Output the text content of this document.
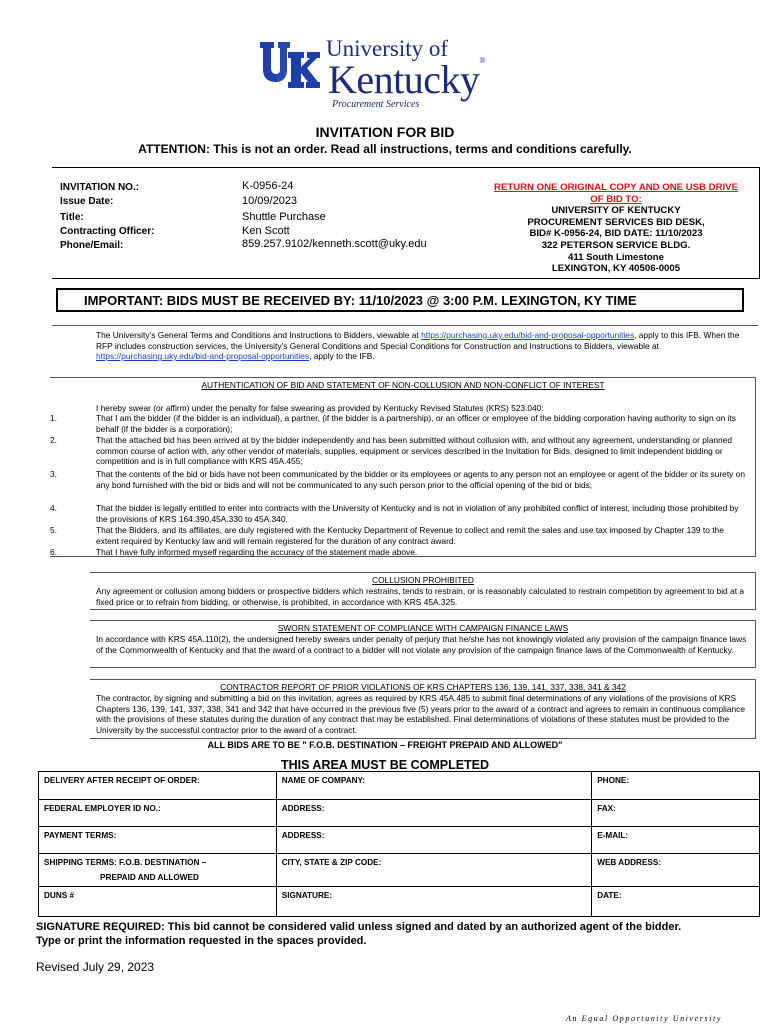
University of
Kentucky®
Procurement Services
INVITATION FOR BID
ATTENTION: This is not an order. Read all instructions, terms and conditions carefully.
INVITATION NO.:	K-0956-24
Issue Date:	10/09/2023
Title:	Shuttle Purchase
Contracting Officer:	Ken Scott
Phone/Email:	859.257.9102/kenneth.scott@uky.edu
RETURN ONE ORIGINAL COPY AND ONE USB DRIVE
OF BID TO:
UNIVERSITY OF KENTUCKY
PROCUREMENT SERVICES BID DESK,
BID# K-0956-24, BID DATE: 11/10/2023
322 PETERSON SERVICE BLDG.
411 South Limestone
LEXINGTON, KY 40506-0005
IMPORTANT: BIDS MUST BE RECEIVED BY: 11/10/2023 @ 3:00 P.M. LEXINGTON, KY TIME
The University’s General Terms and Conditions and Instructions to Bidders, viewable at https://purchasing.uky.edu/bid-and-proposal-opportunities, apply to this IFB. When the RFP includes construction services, the University’s General Conditions and Special Conditions for Construction and Instructions to Bidders, viewable at https://purchasing.uky.edu/bid-and-proposal-opportunities, apply to the IFB.
AUTHENTICATION OF BID AND STATEMENT OF NON-COLLUSION AND NON-CONFLICT OF INTEREST
I hereby swear (or affirm) under the penalty for false swearing as provided by Kentucky Revised Statutes (KRS) 523.040:
1.	That I am the bidder (if the bidder is an individual), a partner, (if the bidder is a partnership), or an officer or employee of the bidding corporation having authority to sign on its behalf (if the bidder is a corporation);
2.	That the attached bid has been arrived at by the bidder independently and has been submitted without collusion with, and without any agreement, understanding or planned common course of action with, any other vendor of materials, supplies, equipment or services described in the Invitation for Bids, designed to limit independent bidding or competition and is in full compliance with KRS 45A.455;
3.	That the contents of the bid or bids have not been communicated by the bidder or its employees or agents to any person not an employee or agent of the bidder or its surety on any bond furnished with the bid or bids and will not be communicated to any such person prior to the official opening of the bid or bids;
4.	That the bidder is legally entitled to enter into contracts with the University of Kentucky and is not in violation of any prohibited conflict of interest, including those prohibited by the provisions of KRS 164.390,45A.330 to 45A.340.
5.	That the Bidders, and its affiliates, are duly registered with the Kentucky Department of Revenue to collect and remit the sales and use tax imposed by Chapter 139 to the extent required by Kentucky law and will remain registered for the duration of any contract award.
6.	That I have fully informed myself regarding the accuracy of the statement made above.
COLLUSION PROHIBITED
Any agreement or collusion among bidders or prospective bidders which restrains, tends to restrain, or is reasonably calculated to restrain competition by agreement to bid at a fixed price or to refrain from bidding, or otherwise, is prohibited, in accordance with KRS 45A.325.
SWORN STATEMENT OF COMPLIANCE WITH CAMPAIGN FINANCE LAWS
In accordance with KRS 45A.110(2), the undersigned hereby swears under penalty of perjury that he/she has not knowingly violated any provision of the campaign finance laws of the Commonwealth of Kentucky and that the award of a contract to a bidder will not violate any provision of the campaign finance laws of the Commonwealth of Kentucky.
CONTRACTOR REPORT OF PRIOR VIOLATIONS OF KRS CHAPTERS 136, 139, 141, 337, 338, 341 & 342
The contractor, by signing and submitting a bid on this invitation, agrees as required by KRS 45A.485 to submit final determinations of any violations of the provisions of KRS Chapters 136, 139, 141, 337, 338, 341 and 342 that have occurred in the previous five (5) years prior to the award of a contract and agrees to remain in continuous compliance with the provisions of these statutes during the duration of any contract that may be established. Final determinations of violations of these statutes must be provided to the University by the successful contractor prior to the award of a contract.
ALL BIDS ARE TO BE " F.O.B. DESTINATION – FREIGHT PREPAID AND ALLOWED"
THIS AREA MUST BE COMPLETED
DELIVERY AFTER RECEIPT OF ORDER:	NAME OF COMPANY:	PHONE:
FEDERAL EMPLOYER ID NO.:	ADDRESS:	FAX:
PAYMENT TERMS:	ADDRESS:	E-MAIL:

SHIPPING TERMS: F.O.B. DESTINATION –
PREPAID AND ALLOWED	CITY, STATE & ZIP CODE:	WEB ADDRESS:
DUNS #	SIGNATURE:	DATE:
SIGNATURE REQUIRED: This bid cannot be considered valid unless signed and dated by an authorized agent of the bidder.
Type or print the information requested in the spaces provided.
Revised July 29, 2023
An Equal Opportunity University
